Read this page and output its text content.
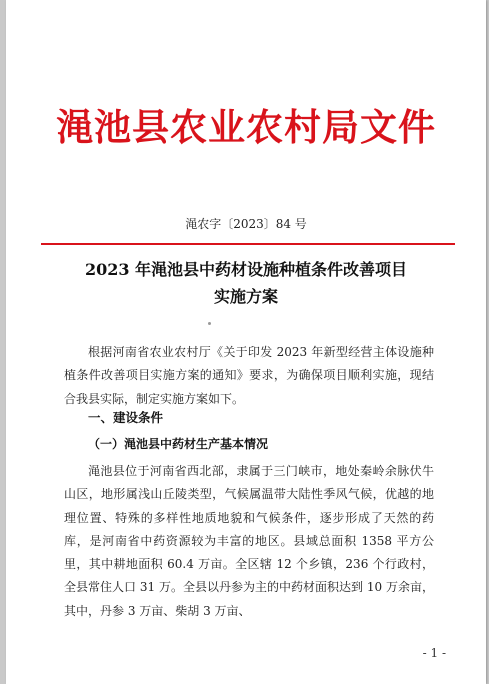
渑池县农业农村局文件
渑农字〔2023〕84 号
2023 年渑池县中药材设施种植条件改善项目
实施方案
根据河南省农业农村厅《关于印发 2023 年新型经营主体设施种植条件改善项目实施方案的通知》要求，为确保项目顺利实施，现结合我县实际，制定实施方案如下。
一、建设条件
（一）渑池县中药材生产基本情况
渑池县位于河南省西北部，隶属于三门峡市，地处秦岭余脉伏牛山区，地形属浅山丘陵类型，气候属温带大陆性季风气候，优越的地理位置、特殊的多样性地质地貌和气候条件，逐步形成了天然的药库，是河南省中药资源较为丰富的地区。县域总面积 1358 平方公里，其中耕地面积 60.4 万亩。全区辖 12 个乡镇，236 个行政村，全县常住人口 31 万。全县以丹参为主的中药材面积达到 10 万余亩，其中，丹参 3 万亩、柴胡 3 万亩、
- 1 -
